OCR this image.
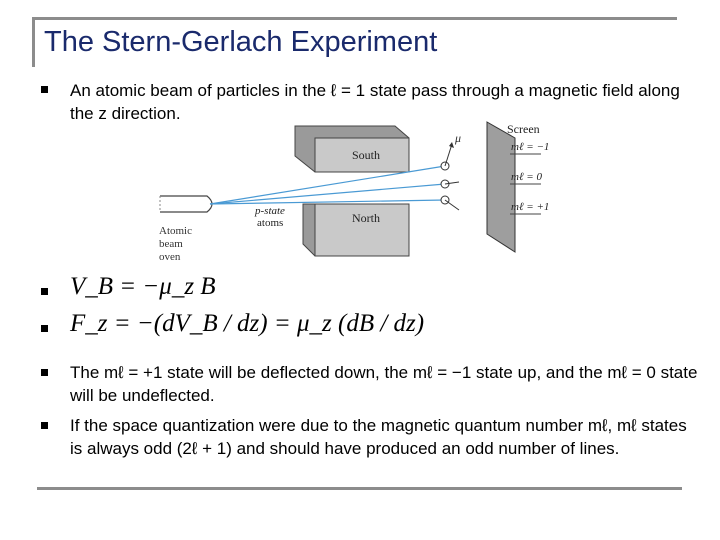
The Stern-Gerlach Experiment
An atomic beam of particles in the ℓ = 1 state pass through a magnetic field along the z direction.
Atomic
beam
oven
South
North
μ
Screen
mℓ = −1
mℓ = 0
mℓ = +1
p-state
atoms
V_B = −μ_z B
F_z = −(dV_B / dz) = μ_z (dB / dz)
The mℓ = +1 state will be deflected down, the mℓ = −1 state up, and the mℓ = 0 state will be undeflected.
If the space quantization were due to the magnetic quantum number mℓ, mℓ states is always odd (2ℓ + 1) and should have produced an odd number of lines.
